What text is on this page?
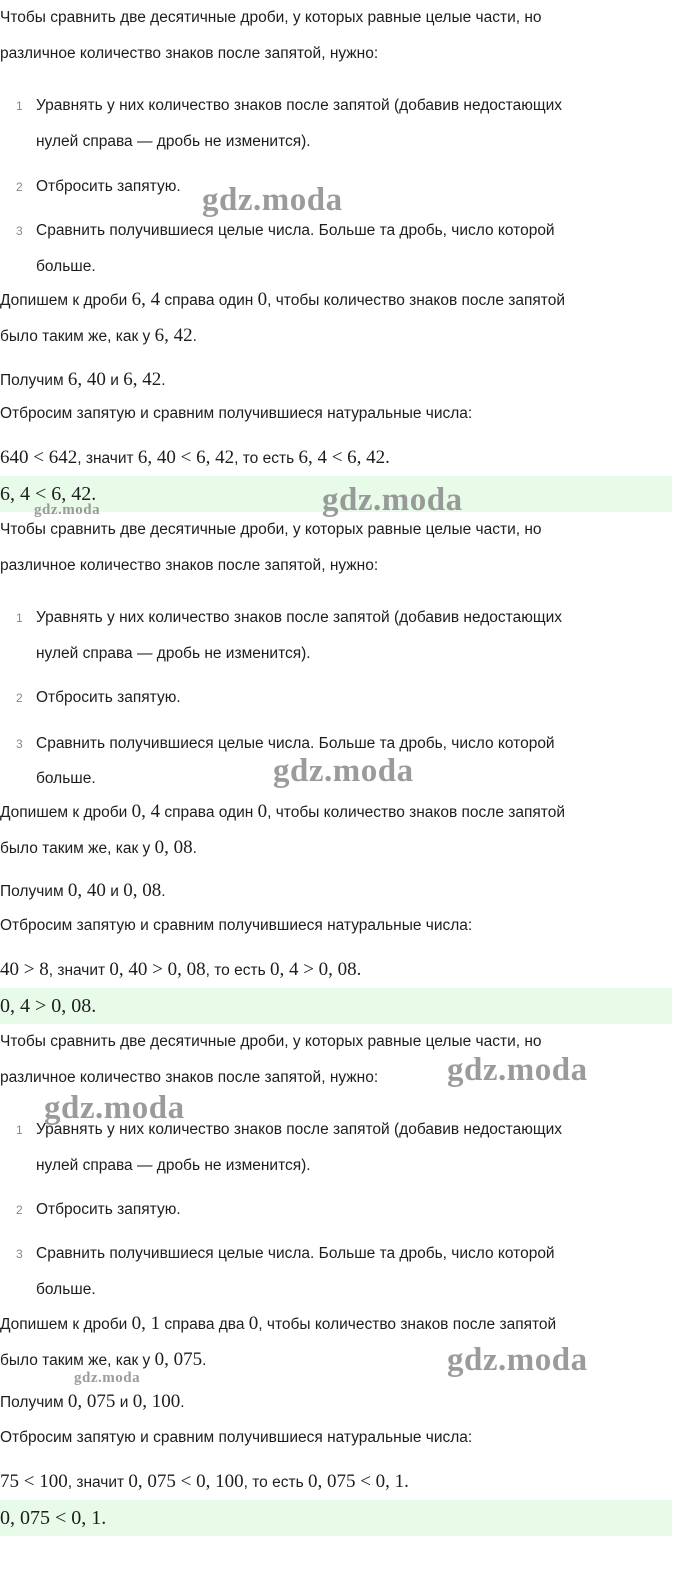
Чтобы сравнить две десятичные дроби, у которых равные целые части, но
различное количество знаков после запятой, нужно:
1 Уравнять у них количество знаков после запятой (добавив недостающих
нулей справа — дробь не изменится).
2 Отбросить запятую.
3 Сравнить получившиеся целые числа. Больше та дробь, число которой
больше.
Допишем к дроби 6, 4 справа один 0, чтобы количество знаков после запятой
было таким же, как у 6, 42.
Получим 6, 40 и 6, 42.
Отбросим запятую и сравним получившиеся натуральные числа:
640 < 642, значит 6, 40 < 6, 42, то есть 6, 4 < 6, 42.
6, 4 < 6, 42.
Чтобы сравнить две десятичные дроби, у которых равные целые части, но
различное количество знаков после запятой, нужно:
1 Уравнять у них количество знаков после запятой (добавив недостающих
нулей справа — дробь не изменится).
2 Отбросить запятую.
3 Сравнить получившиеся целые числа. Больше та дробь, число которой
больше.
Допишем к дроби 0, 4 справа один 0, чтобы количество знаков после запятой
было таким же, как у 0, 08.
Получим 0, 40 и 0, 08.
Отбросим запятую и сравним получившиеся натуральные числа:
40 > 8, значит 0, 40 > 0, 08, то есть 0, 4 > 0, 08.
0, 4 > 0, 08.
Чтобы сравнить две десятичные дроби, у которых равные целые части, но
различное количество знаков после запятой, нужно:
1 Уравнять у них количество знаков после запятой (добавив недостающих
нулей справа — дробь не изменится).
2 Отбросить запятую.
3 Сравнить получившиеся целые числа. Больше та дробь, число которой
больше.
Допишем к дроби 0, 1 справа два 0, чтобы количество знаков после запятой
было таким же, как у 0, 075.
Получим 0, 075 и 0, 100.
Отбросим запятую и сравним получившиеся натуральные числа:
75 < 100, значит 0, 075 < 0, 100, то есть 0, 075 < 0, 1.
0, 075 < 0, 1.
gdz.moda
gdz.moda
gdz.moda
gdz.moda
gdz.moda
gdz.moda
gdz.moda
gdz.moda
